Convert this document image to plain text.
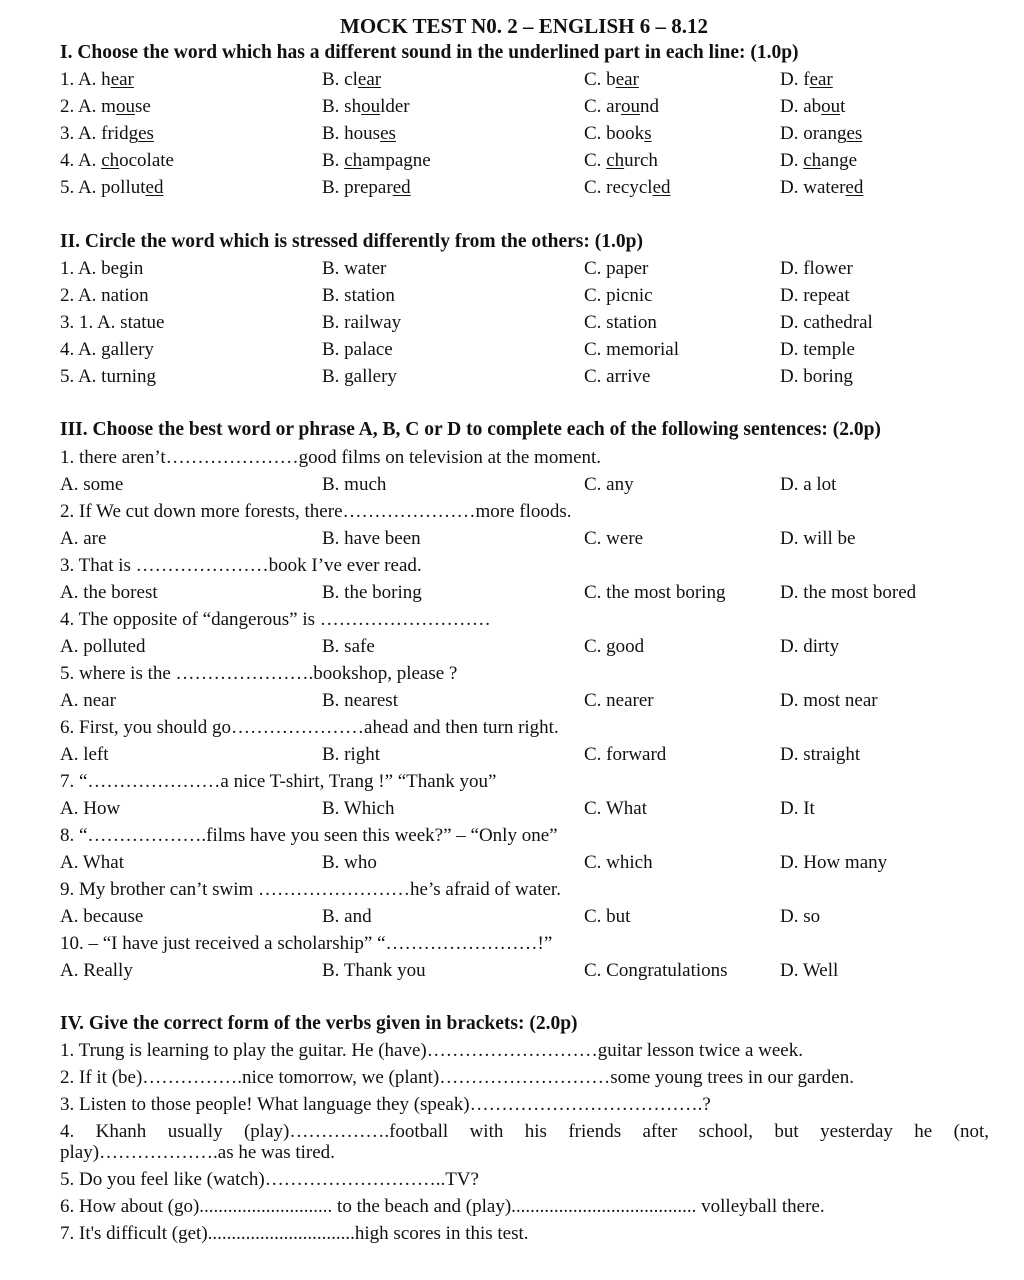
MOCK TEST N0. 2 – ENGLISH 6 – 8.12
I. Choose the word which has a different sound in the underlined part in each line: (1.0p)
1. A. hear	B. clear	C. bear	D. fear
2. A. mouse	B. shoulder	C. around	D. about
3. A. fridges	B. houses	C. books	D. oranges
4. A. chocolate	B. champagne	C. church	D. change
5. A. polluted	B. prepared	C. recycled	D. watered
II. Circle the word which is stressed differently from the others: (1.0p)
1. A. begin	B. water	C. paper	D. flower
2. A. nation	B. station	C. picnic	D. repeat
3. 1. A. statue	B. railway	C. station	D. cathedral
4. A. gallery	B. palace	C. memorial	D. temple
5. A. turning	B. gallery	C. arrive	D. boring
III. Choose the best word or phrase A, B, C or D to complete each of the following sentences: (2.0p)
1. there aren’t…………………good films on television at the moment.
A. some	B. much	C. any	D. a lot
2. If We cut down more forests, there…………………more floods.
A. are	B. have been	C. were	D. will be
3. That is …………………book I’ve ever read.
A. the borest	B. the boring	C. the most boring	D. the most bored
4. The opposite of “dangerous” is ………………………
A. polluted	B. safe	C. good	D. dirty
5. where is the ………………….bookshop, please ?
A. near	B. nearest	C. nearer	D. most near
6. First, you should go…………………ahead and then turn right.
A. left	B. right	C. forward	D. straight
7. “…………………a nice T-shirt, Trang !” “Thank you”
A. How	B. Which	C. What	D. It
8. “……………….films have you seen this week?” – “Only one”
A. What	B. who	C. which	D. How many
9. My brother can’t swim ……………………he’s afraid of water.
A. because	B. and	C. but	D. so
10. – “I have just received a scholarship” “……………………!”
A. Really	B. Thank you	C. Congratulations	D. Well
IV. Give the correct form of the verbs given in brackets: (2.0p)
1. Trung is learning to play the guitar. He (have)………………………guitar lesson twice a week.
2. If it (be)…………….nice tomorrow, we (plant)………………………some young trees in our garden.
3. Listen to those people! What language they (speak)……………………………….?
4. Khanh usually (play)…………….football with his friends after school, but yesterday he (not,
play)……………….as he was tired.
5. Do you feel like (watch)………………………..TV?
6. How about (go)............................ to the beach and (play)....................................... volleyball there.
7. It's difficult (get)...............................high scores in this test.
